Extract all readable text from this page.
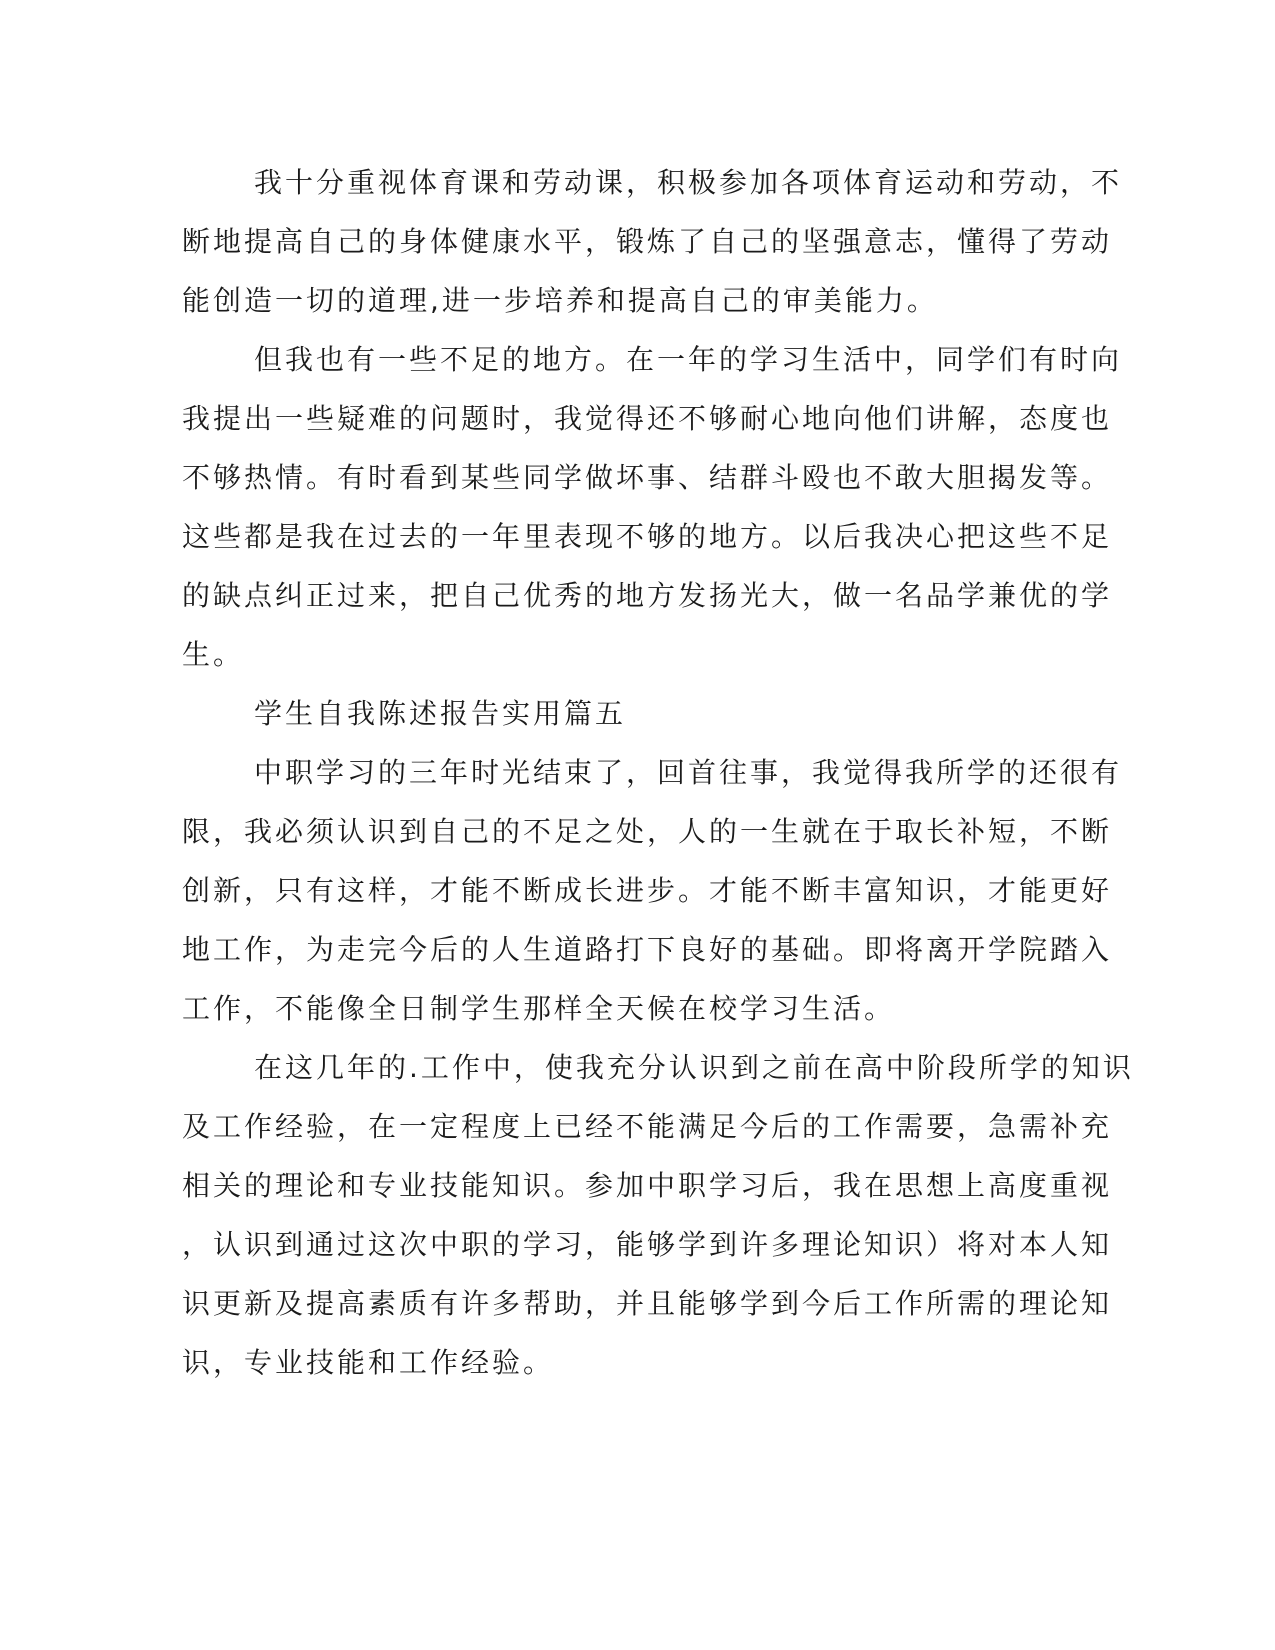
我十分重视体育课和劳动课，积极参加各项体育运动和劳动，不
断地提高自己的身体健康水平，锻炼了自己的坚强意志，懂得了劳动
能创造一切的道理,进一步培养和提高自己的审美能力。
但我也有一些不足的地方。在一年的学习生活中，同学们有时向
我提出一些疑难的问题时，我觉得还不够耐心地向他们讲解，态度也
不够热情。有时看到某些同学做坏事、结群斗殴也不敢大胆揭发等。
这些都是我在过去的一年里表现不够的地方。以后我决心把这些不足
的缺点纠正过来，把自己优秀的地方发扬光大，做一名品学兼优的学
生。
学生自我陈述报告实用篇五
中职学习的三年时光结束了，回首往事，我觉得我所学的还很有
限，我必须认识到自己的不足之处，人的一生就在于取长补短，不断
创新，只有这样，才能不断成长进步。才能不断丰富知识，才能更好
地工作，为走完今后的人生道路打下良好的基础。即将离开学院踏入
工作，不能像全日制学生那样全天候在校学习生活。
在这几年的.工作中，使我充分认识到之前在高中阶段所学的知识
及工作经验，在一定程度上已经不能满足今后的工作需要，急需补充
相关的理论和专业技能知识。参加中职学习后，我在思想上高度重视
，认识到通过这次中职的学习，能够学到许多理论知识）将对本人知
识更新及提高素质有许多帮助，并且能够学到今后工作所需的理论知
识，专业技能和工作经验。
